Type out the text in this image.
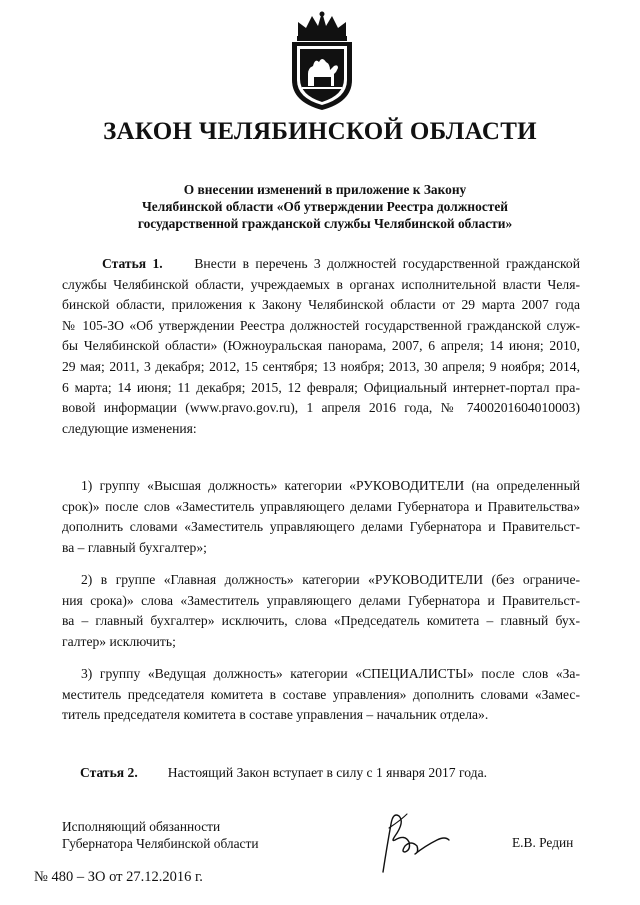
ЗАКОН ЧЕЛЯБИНСКОЙ ОБЛАСТИ
О внесении изменений в приложение к Закону
Челябинской области «Об утверждении Реестра должностей
государственной гражданской службы Челябинской области»
Статья 1. Внести в перечень 3 должностей государственной гражданской
службы Челябинской области, учреждаемых в органах исполнительной власти Челя-
бинской области, приложения к Закону Челябинской области от 29 марта 2007 года
№ 105-ЗО «Об утверждении Реестра должностей государственной гражданской служ-
бы Челябинской области» (Южноуральская панорама, 2007, 6 апреля; 14 июня; 2010,
29 мая; 2011, 3 декабря; 2012, 15 сентября; 13 ноября; 2013, 30 апреля; 9 ноября; 2014,
6 марта; 14 июня; 11 декабря; 2015, 12 февраля; Официальный интернет-портал пра-
вовой информации (www.pravo.gov.ru), 1 апреля 2016 года, № 7400201604010003)
следующие изменения:
1) группу «Высшая должность» категории «РУКОВОДИТЕЛИ (на определенный
срок)» после слов «Заместитель управляющего делами Губернатора и Правительства»
дополнить словами «Заместитель управляющего делами Губернатора и Правительст-
ва – главный бухгалтер»;
2) в группе «Главная должность» категории «РУКОВОДИТЕЛИ (без ограниче-
ния срока)» слова «Заместитель управляющего делами Губернатора и Правительст-
ва – главный бухгалтер» исключить, слова «Председатель комитета – главный бух-
галтер» исключить;
3) группу «Ведущая должность» категории «СПЕЦИАЛИСТЫ» после слов «За-
меститель председателя комитета в составе управления» дополнить словами «Замес-
титель председателя комитета в составе управления – начальник отдела».
Статья 2. Настоящий Закон вступает в силу с 1 января 2017 года.
Исполняющий обязанности
Губернатора Челябинской области	Е.В. Редин
№ 480 – ЗО от 27.12.2016 г.
